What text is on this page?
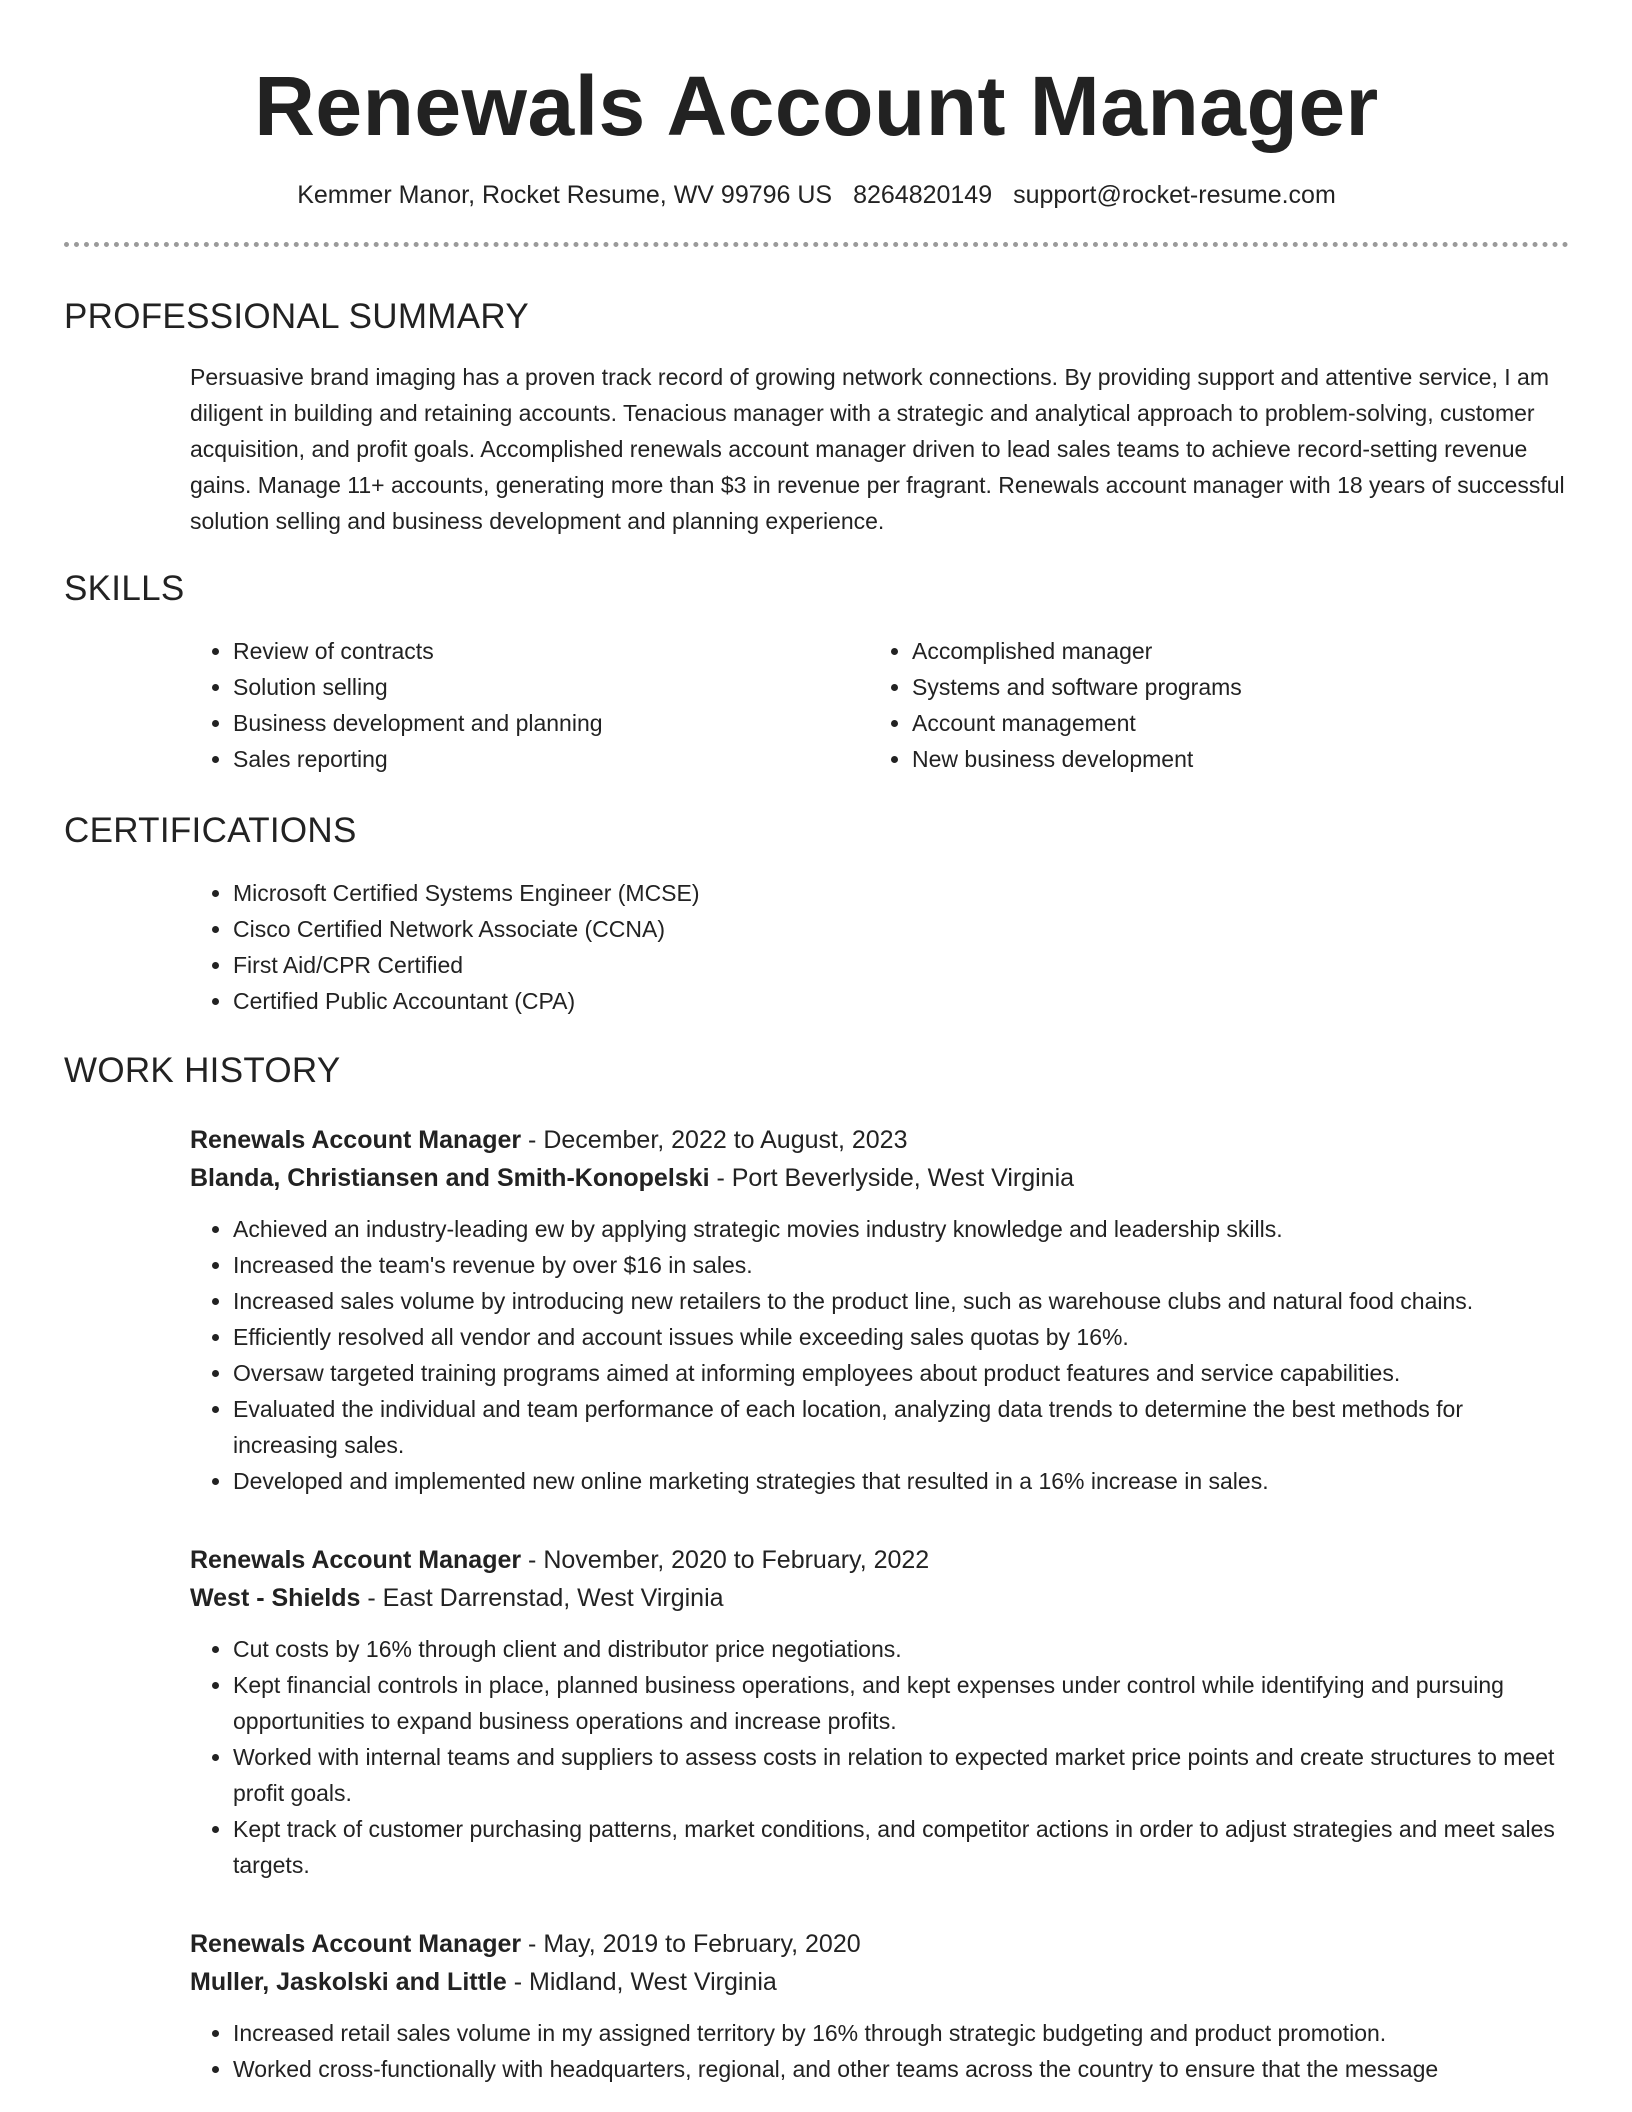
Renewals Account Manager
Kemmer Manor, Rocket Resume, WV 99796 US 8264820149 support@rocket-resume.com
PROFESSIONAL SUMMARY
Persuasive brand imaging has a proven track record of growing network connections. By providing support and attentive service, I am diligent in building and retaining accounts. Tenacious manager with a strategic and analytical approach to problem-solving, customer acquisition, and profit goals. Accomplished renewals account manager driven to lead sales teams to achieve record-setting revenue gains. Manage 11+ accounts, generating more than $3 in revenue per fragrant. Renewals account manager with 18 years of successful solution selling and business development and planning experience.
SKILLS
• Review of contracts
• Solution selling
• Business development and planning
• Sales reporting
• Accomplished manager
• Systems and software programs
• Account management
• New business development
CERTIFICATIONS
• Microsoft Certified Systems Engineer (MCSE)
• Cisco Certified Network Associate (CCNA)
• First Aid/CPR Certified
• Certified Public Accountant (CPA)
WORK HISTORY
Renewals Account Manager - December, 2022 to August, 2023
Blanda, Christiansen and Smith-Konopelski - Port Beverlyside, West Virginia
• Achieved an industry-leading ew by applying strategic movies industry knowledge and leadership skills.
• Increased the team's revenue by over $16 in sales.
• Increased sales volume by introducing new retailers to the product line, such as warehouse clubs and natural food chains.
• Efficiently resolved all vendor and account issues while exceeding sales quotas by 16%.
• Oversaw targeted training programs aimed at informing employees about product features and service capabilities.
• Evaluated the individual and team performance of each location, analyzing data trends to determine the best methods for increasing sales.
• Developed and implemented new online marketing strategies that resulted in a 16% increase in sales.
Renewals Account Manager - November, 2020 to February, 2022
West - Shields - East Darrenstad, West Virginia
• Cut costs by 16% through client and distributor price negotiations.
• Kept financial controls in place, planned business operations, and kept expenses under control while identifying and pursuing opportunities to expand business operations and increase profits.
• Worked with internal teams and suppliers to assess costs in relation to expected market price points and create structures to meet profit goals.
• Kept track of customer purchasing patterns, market conditions, and competitor actions in order to adjust strategies and meet sales targets.
Renewals Account Manager - May, 2019 to February, 2020
Muller, Jaskolski and Little - Midland, West Virginia
• Increased retail sales volume in my assigned territory by 16% through strategic budgeting and product promotion.
• Worked cross-functionally with headquarters, regional, and other teams across the country to ensure that the message
